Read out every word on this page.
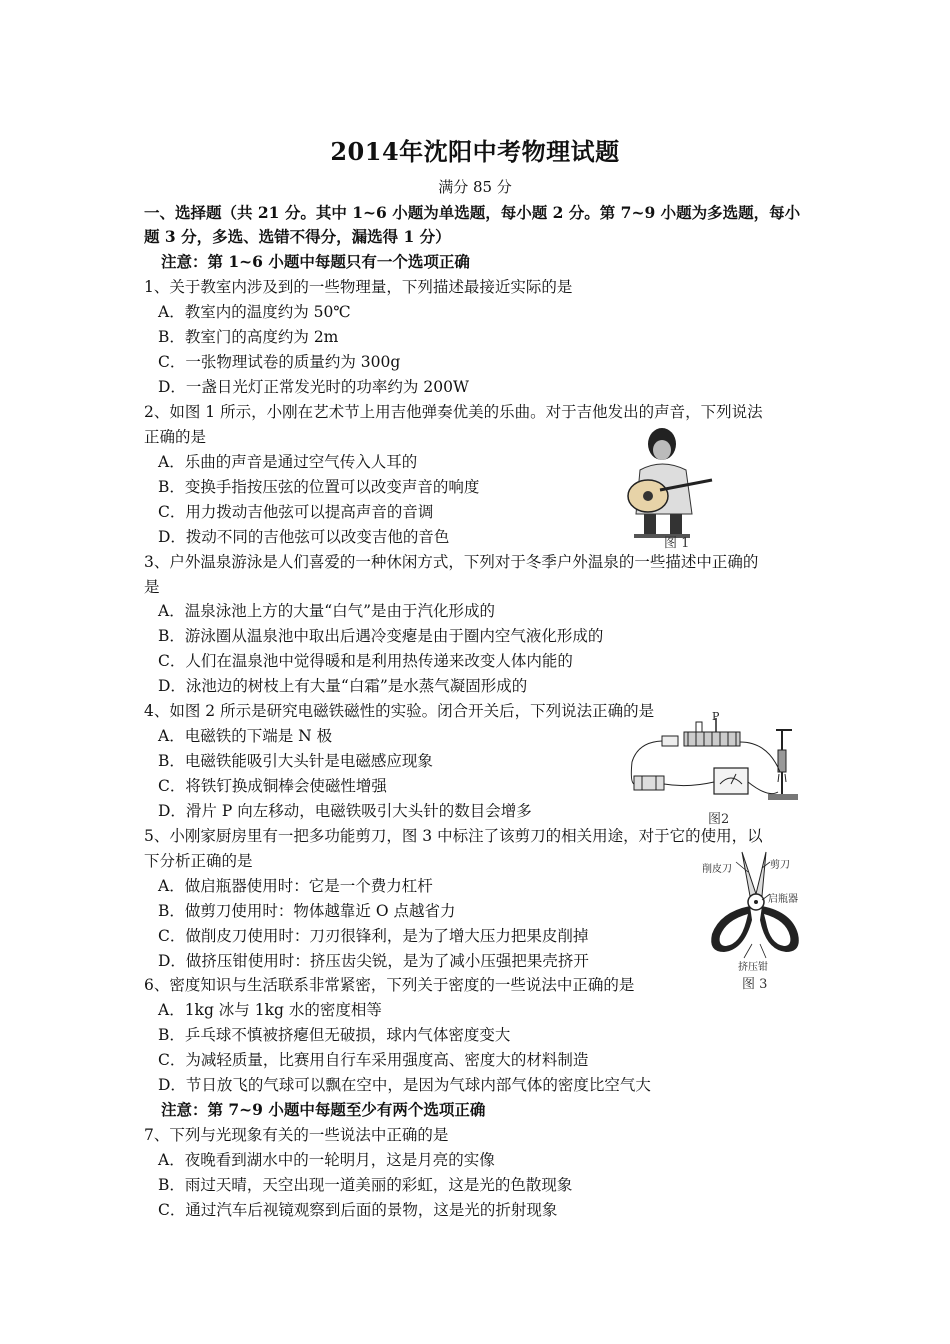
2014年沈阳中考物理试题
满分 85 分
一、选择题（共 21 分。其中 1~6 小题为单选题，每小题 2 分。第 7~9 小题为多选题，每小
题 3 分，多选、选错不得分，漏选得 1 分）
注意：第 1~6 小题中每题只有一个选项正确
1、关于教室内涉及到的一些物理量，下列描述最接近实际的是
A．教室内的温度约为 50℃
B．教室门的高度约为 2m
C．一张物理试卷的质量约为 300g
D．一盏日光灯正常发光时的功率约为 200W
2、如图 1 所示，小刚在艺术节上用吉他弹奏优美的乐曲。对于吉他发出的声音，下列说法
正确的是
A．乐曲的声音是通过空气传入人耳的
B．变换手指按压弦的位置可以改变声音的响度
C．用力拨动吉他弦可以提高声音的音调
D．拨动不同的吉他弦可以改变吉他的音色	图 1
3、户外温泉游泳是人们喜爱的一种休闲方式，下列对于冬季户外温泉的一些描述中正确的
是
A．温泉泳池上方的大量“白气”是由于汽化形成的
B．游泳圈从温泉池中取出后遇冷变瘪是由于圈内空气液化形成的
C．人们在温泉池中觉得暖和是利用热传递来改变人体内能的
D．泳池边的树枝上有大量“白霜”是水蒸气凝固形成的
4、如图 2 所示是研究电磁铁磁性的实验。闭合开关后，下列说法正确的是
A．电磁铁的下端是 N 极
B．电磁铁能吸引大头针是电磁感应现象
C．将铁钉换成铜棒会使磁性增强
D．滑片 P 向左移动，电磁铁吸引大头针的数目会增多
P
图2
5、小刚家厨房里有一把多功能剪刀，图 3 中标注了该剪刀的相关用途，对于它的使用，以
下分析正确的是
A．做启瓶器使用时：它是一个费力杠杆
B．做剪刀使用时：物体越靠近 O 点越省力
C．做削皮刀使用时：刀刃很锋利，是为了增大压力把果皮削掉
D．做挤压钳使用时：挤压齿尖锐，是为了减小压强把果壳挤开
削皮刀	剪刀
启瓶器
挤压钳
图 3
6、密度知识与生活联系非常紧密，下列关于密度的一些说法中正确的是
A．1kg 冰与 1kg 水的密度相等
B．乒乓球不慎被挤瘪但无破损，球内气体密度变大
C．为减轻质量，比赛用自行车采用强度高、密度大的材料制造
D．节日放飞的气球可以飘在空中，是因为气球内部气体的密度比空气大
注意：第 7~9 小题中每题至少有两个选项正确
7、下列与光现象有关的一些说法中正确的是
A．夜晚看到湖水中的一轮明月，这是月亮的实像
B．雨过天晴，天空出现一道美丽的彩虹，这是光的色散现象
C．通过汽车后视镜观察到后面的景物，这是光的折射现象
